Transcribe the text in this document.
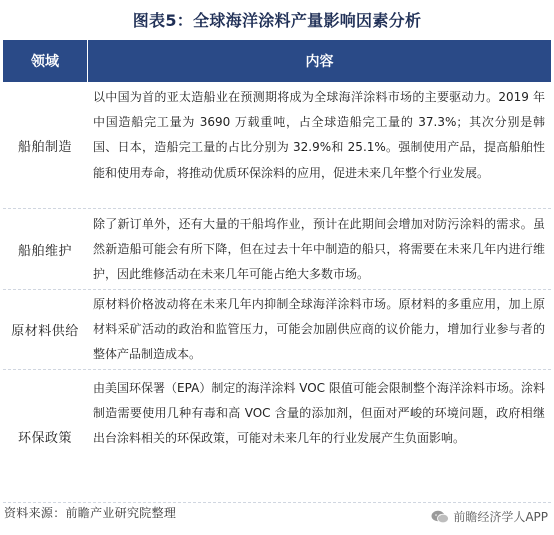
图表5：全球海洋涂料产量影响因素分析
领域	内容
船舶制造
以中国为首的亚太造船业在预测期将成为全球海洋涂料市场的主要驱动力。2019 年中国造船完工量为 3690 万载重吨，占全球造船完工量的 37.3%；其次分别是韩国、日本，造船完工量的占比分别为 32.9%和 25.1%。强制使用产品，提高船舶性能和使用寿命，将推动优质环保涂料的应用，促进未来几年整个行业发展。
船舶维护
除了新订单外，还有大量的干船坞作业，预计在此期间会增加对防污涂料的需求。虽然新造船可能会有所下降，但在过去十年中制造的船只，将需要在未来几年内进行维护，因此维修活动在未来几年可能占绝大多数市场。
原材料供给
原材料价格波动将在未来几年内抑制全球海洋涂料市场。原材料的多重应用，加上原材料采矿活动的政治和监管压力，可能会加剧供应商的议价能力，增加行业参与者的整体产品制造成本。
环保政策
由美国环保署（EPA）制定的海洋涂料 VOC 限值可能会限制整个海洋涂料市场。涂料制造需要使用几种有毒和高 VOC 含量的添加剂，但面对严峻的环境问题，政府相继出台涂料相关的环保政策，可能对未来几年的行业发展产生负面影响。
资料来源：前瞻产业研究院整理	前瞻经济学人APP
